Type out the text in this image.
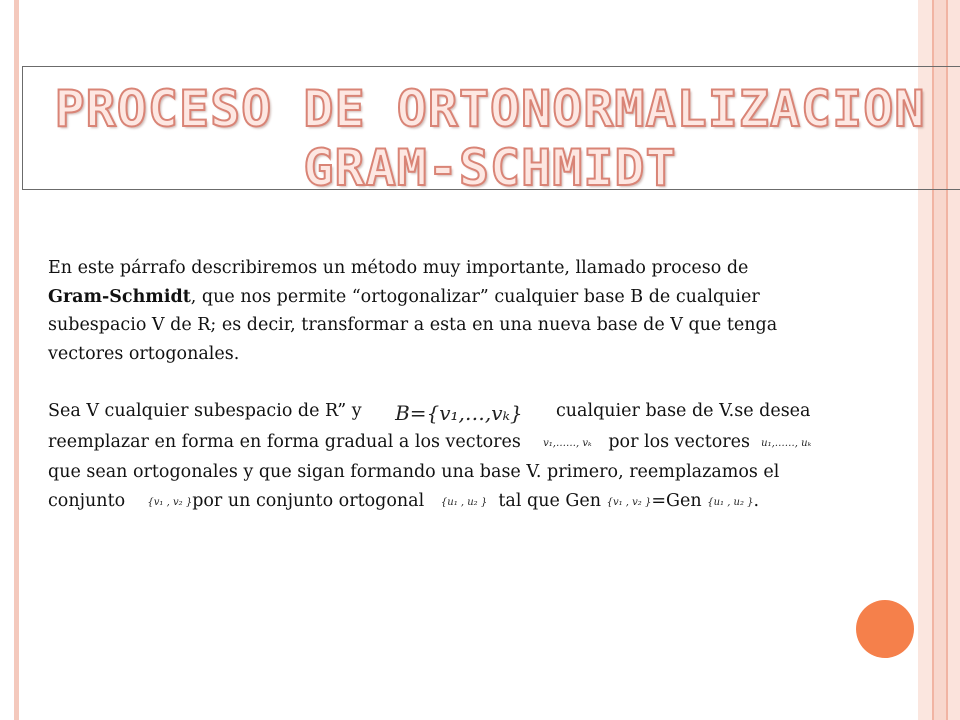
PROCESO DE ORTONORMALIZACION GRAM-SCHMIDT

En este párrafo describiremos un método muy importante, llamado proceso de
Gram-Schmidt, que nos permite “ortogonalizar” cualquier base B de cualquier
subespacio V de R; es decir, transformar a esta en una nueva base de V que tenga
vectores ortogonales.

Sea V cualquier subespacio de R” y B={v₁,…,vₖ} cualquier base de V.se desea
reemplazar en forma en forma gradual a los vectores v₁,……, vₖ por los vectores u₁,……, uₖ
que sean ortogonales y que sigan formando una base V. primero, reemplazamos el
conjunto {v₁ , v₂ }por un conjunto ortogonal {u₁ , u₂ } tal que Gen {v₁ , v₂ }=Gen {u₁ , u₂ }.
